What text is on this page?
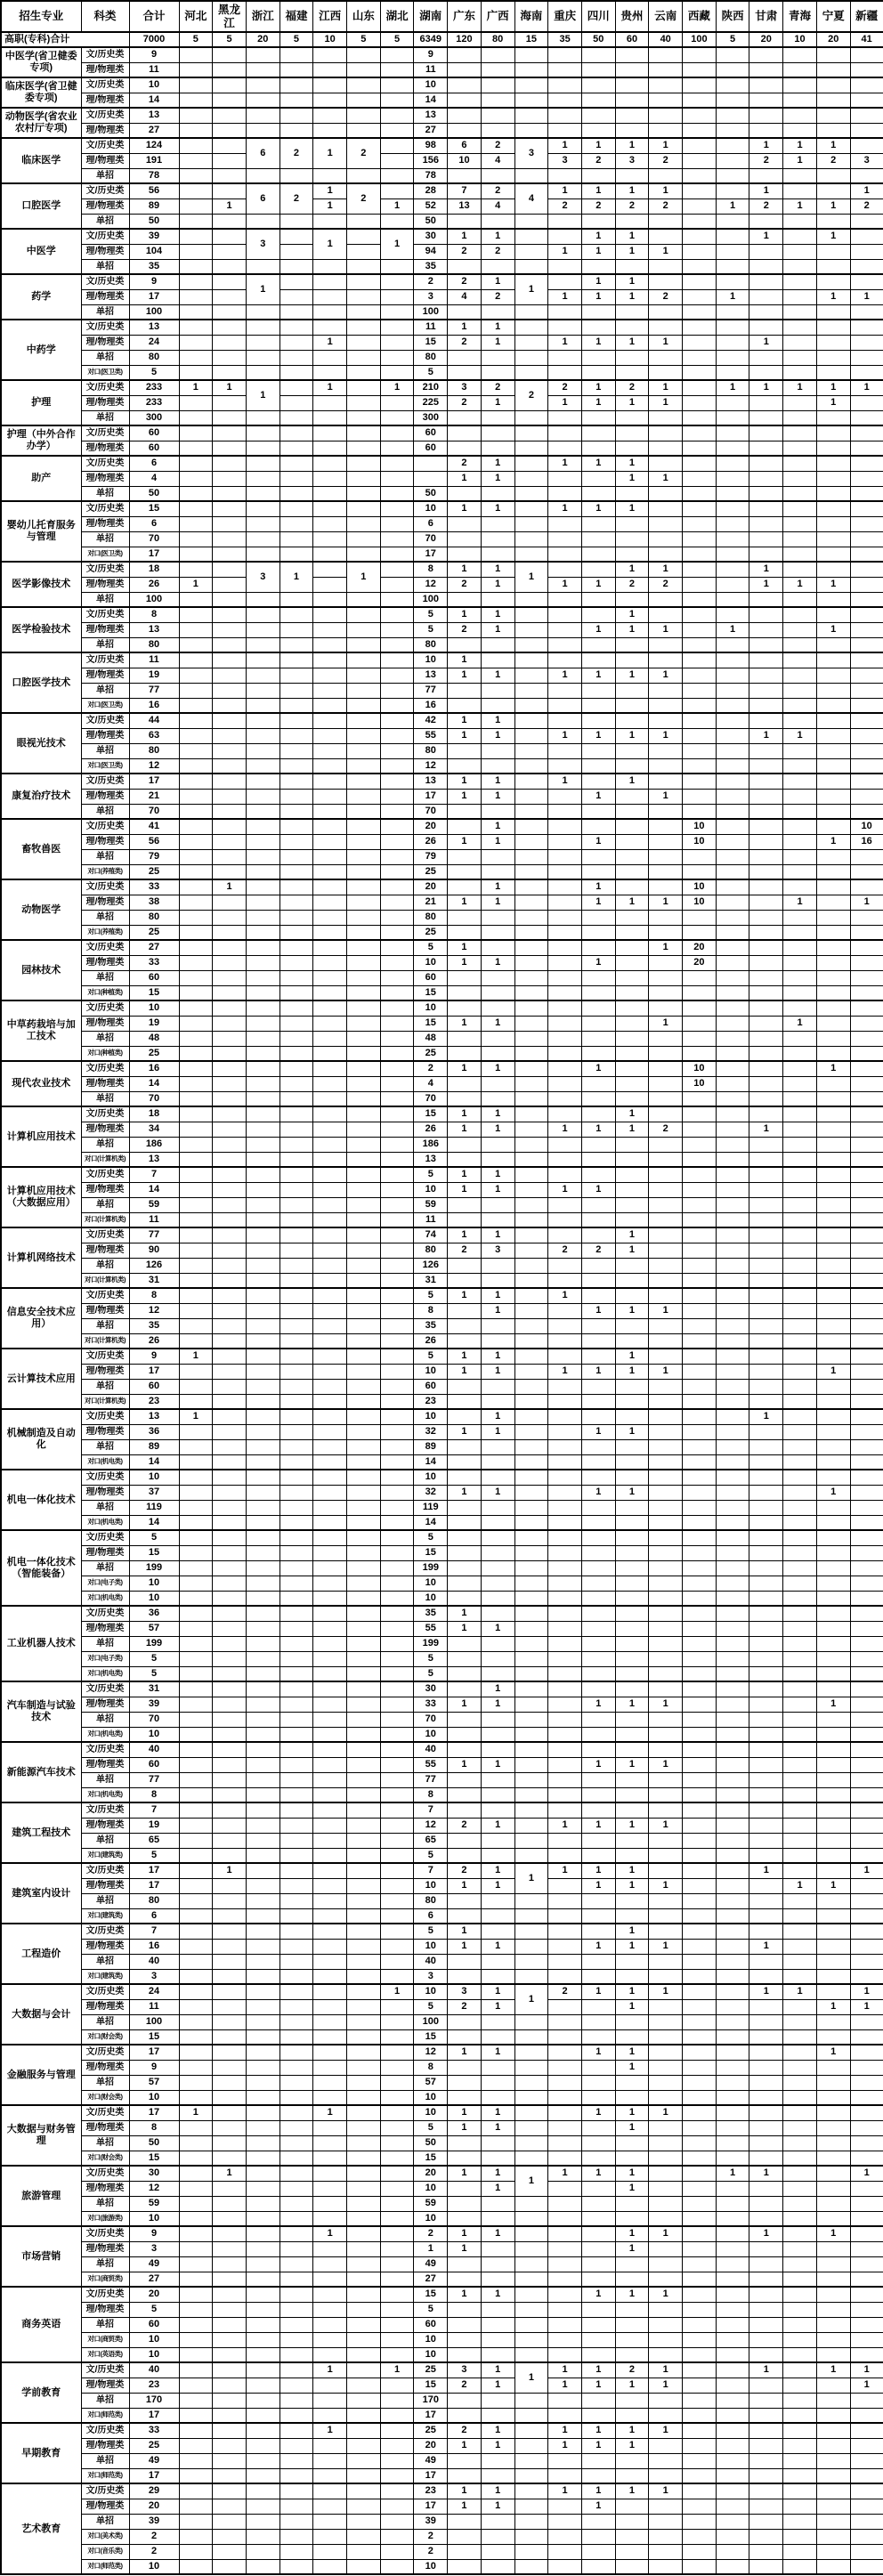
招生专业	科类	合计	河北	黑龙江	浙江	福建	江西	山东	湖北	湖南	广东	广西	海南	重庆	四川	贵州	云南	西藏	陕西	甘肃	青海	宁夏	新疆
高职(专科)合计		7000	5	5	20	5	10	5	5	6349	120	80	15	35	50	60	40	100	5	20	10	20	41
中医学(省卫健委专项)	文/历史类	9								9													
	理/物理类	11								11													
临床医学(省卫健委专项)	文/历史类	10								10													
	理/物理类	14								14													
动物医学(省农业农村厅专项)	文/历史类	13								13													
	理/物理类	27								27													
临床医学	文/历史类	124			6	2	1	2		98	6	2	3	1	1	1	1			1	1	1	
	理/物理类	191								156	10	4		3	2	3	2			2	1	2	3
	单招	78								78													
口腔医学	文/历史类	56			6	2	1	2		28	7	2	4	1	1	1	1			1			1
	理/物理类	89		1			1		1	52	13	4		2	2	2	2		1	2	1	1	2
	单招	50								50													
中医学	文/历史类	39			3		1		1	30	1	1			1	1				1		1	
	理/物理类	104								94	2	2		1	1	1	1						
	单招	35								35													
药学	文/历史类	9			1					2	2	1	1		1	1							
	理/物理类	17								3	4	2		1	1	1	2		1			1	1
	单招	100								100													
中药学	文/历史类	13								11	1	1											
	理/物理类	24					1			15	2	1		1	1	1	1			1			
	单招	80								80													
	对口(医卫类)	5								5													
护理	文/历史类	233	1	1	1		1		1	210	3	2	2	2	1	2	1		1	1	1	1	1
	理/物理类	233								225	2	1		1	1	1	1					1	
	单招	300								300													
护理（中外合作办学）	文/历史类	60								60													
	理/物理类	60								60													
助产	文/历史类	6									2	1		1	1	1							
	理/物理类	4									1	1				1	1						
	单招	50								50													
婴幼儿托育服务与管理	文/历史类	15								10	1	1		1	1	1							
	理/物理类	6								6													
	单招	70								70													
	对口(医卫类)	17								17													
医学影像技术	文/历史类	18			3	1		1		8	1	1	1			1	1			1			
	理/物理类	26	1							12	2	1		1	1	2	2			1	1	1	
	单招	100								100													
医学检验技术	文/历史类	8								5	1	1				1							
	理/物理类	13								5	2	1			1	1	1		1			1	
	单招	80								80													
口腔医学技术	文/历史类	11								10	1												
	理/物理类	19								13	1	1		1	1	1	1						
	单招	77								77													
	对口(医卫类)	16								16													
眼视光技术	文/历史类	44								42	1	1											
	理/物理类	63								55	1	1		1	1	1	1			1	1		
	单招	80								80													
	对口(医卫类)	12								12													
康复治疗技术	文/历史类	17								13	1	1		1		1							
	理/物理类	21								17	1	1			1		1						
	单招	70								70													
畜牧兽医	文/历史类	41								20		1						10					10
	理/物理类	56								26	1	1			1			10				1	16
	单招	79								79													
	对口(养殖类)	25								25													
动物医学	文/历史类	33		1						20		1			1			10					
	理/物理类	38								21	1	1			1	1	1	10			1		1
	单招	80								80													
	对口(养殖类)	25								25													
园林技术	文/历史类	27								5	1						1	20					
	理/物理类	33								10	1	1			1			20					
	单招	60								60													
	对口(种植类)	15								15													
中草药栽培与加工技术	文/历史类	10								10													
	理/物理类	19								15	1	1					1				1		
	单招	48								48													
	对口(种植类)	25								25													
现代农业技术	文/历史类	16								2	1	1			1			10				1	
	理/物理类	14								4								10					
	单招	70								70													
计算机应用技术	文/历史类	18								15	1	1				1							
	理/物理类	34								26	1	1		1	1	1	2			1			
	单招	186								186													
	对口(计算机类)	13								13													
计算机应用技术（大数据应用）	文/历史类	7								5	1	1											
	理/物理类	14								10	1	1		1	1								
	单招	59								59													
	对口(计算机类)	11								11													
计算机网络技术	文/历史类	77								74	1	1				1							
	理/物理类	90								80	2	3		2	2	1							
	单招	126								126													
	对口(计算机类)	31								31													
信息安全技术应用）	文/历史类	8								5	1	1		1									
	理/物理类	12								8		1			1	1	1						
	单招	35								35													
	对口(计算机类)	26								26													
云计算技术应用	文/历史类	9	1							5	1	1				1							
	理/物理类	17								10	1	1		1	1	1	1					1	
	单招	60								60													
	对口(计算机类)	23								23													
机械制造及自动化	文/历史类	13	1							10		1								1			
	理/物理类	36								32	1	1			1	1							
	单招	89								89													
	对口(机电类)	14								14													
机电一体化技术	文/历史类	10								10													
	理/物理类	37								32	1	1			1	1						1	
	单招	119								119													
	对口(机电类)	14								14													
机电一体化技术（智能装备）	文/历史类	5								5													
	理/物理类	15								15													
	单招	199								199													
	对口(电子类)	10								10													
	对口(机电类)	10								10													
工业机器人技术	文/历史类	36								35	1												
	理/物理类	57								55	1	1											
	单招	199								199													
	对口(电子类)	5								5													
	对口(机电类)	5								5													
汽车制造与试验技术	文/历史类	31								30		1											
	理/物理类	39								33	1	1			1	1	1					1	
	单招	70								70													
	对口(机电类)	10								10													
新能源汽车技术	文/历史类	40								40													
	理/物理类	60								55	1	1			1	1	1						
	单招	77								77													
	对口(机电类)	8								8													
建筑工程技术	文/历史类	7								7													
	理/物理类	19								12	2	1		1	1	1	1						
	单招	65								65													
	对口(建筑类)	5								5													
建筑室内设计	文/历史类	17		1						7	2	1	1	1	1	1				1			1
	理/物理类	17								10	1	1			1	1	1				1	1	
	单招	80								80													
	对口(建筑类)	6								6													
工程造价	文/历史类	7								5	1					1							
	理/物理类	16								10	1	1			1	1	1			1			
	单招	40								40													
	对口(建筑类)	3								3													
大数据与会计	文/历史类	24							1	10	3	1	1	2	1	1	1			1	1		1
	理/物理类	11								5	2	1				1						1	1
	单招	100								100													
	对口(财会类)	15								15													
金融服务与管理	文/历史类	17								12	1	1			1	1						1	
	理/物理类	9								8						1							
	单招	57								57													
	对口(财会类)	10								10													
大数据与财务管理	文/历史类	17	1				1			10	1	1			1	1	1						
	理/物理类	8								5	1	1				1							
	单招	50								50													
	对口(财会类)	15								15													
旅游管理	文/历史类	30		1						20	1	1	1	1	1	1			1	1			1
	理/物理类	12								10		1				1							
	单招	59								59													
	对口(旅游类)	10								10													
市场营销	文/历史类	9					1			2	1	1				1	1			1		1	
	理/物理类	3								1	1					1							
	单招	49								49													
	对口(商贸类)	27								27													
商务英语	文/历史类	20								15	1	1			1	1	1						
	理/物理类	5								5													
	单招	60								60													
	对口(商贸类)	10								10													
	对口(英语类)	10								10													
学前教育	文/历史类	40					1		1	25	3	1	1	1	1	2	1			1		1	1
	理/物理类	23								15	2	1		1	1	1	1						1
	单招	170								170													
	对口(师范类)	17								17													
早期教育	文/历史类	33					1			25	2	1		1	1	1	1						
	理/物理类	25								20	1	1		1	1	1							
	单招	49								49													
	对口(师范类)	17								17													
艺术教育	文/历史类	29								23	1	1		1	1	1	1						
	理/物理类	20								17	1	1			1								
	单招	39								39													
	对口(美术类)	2								2													
	对口(音乐类)	2								2													
	对口(师范类)	10								10													
